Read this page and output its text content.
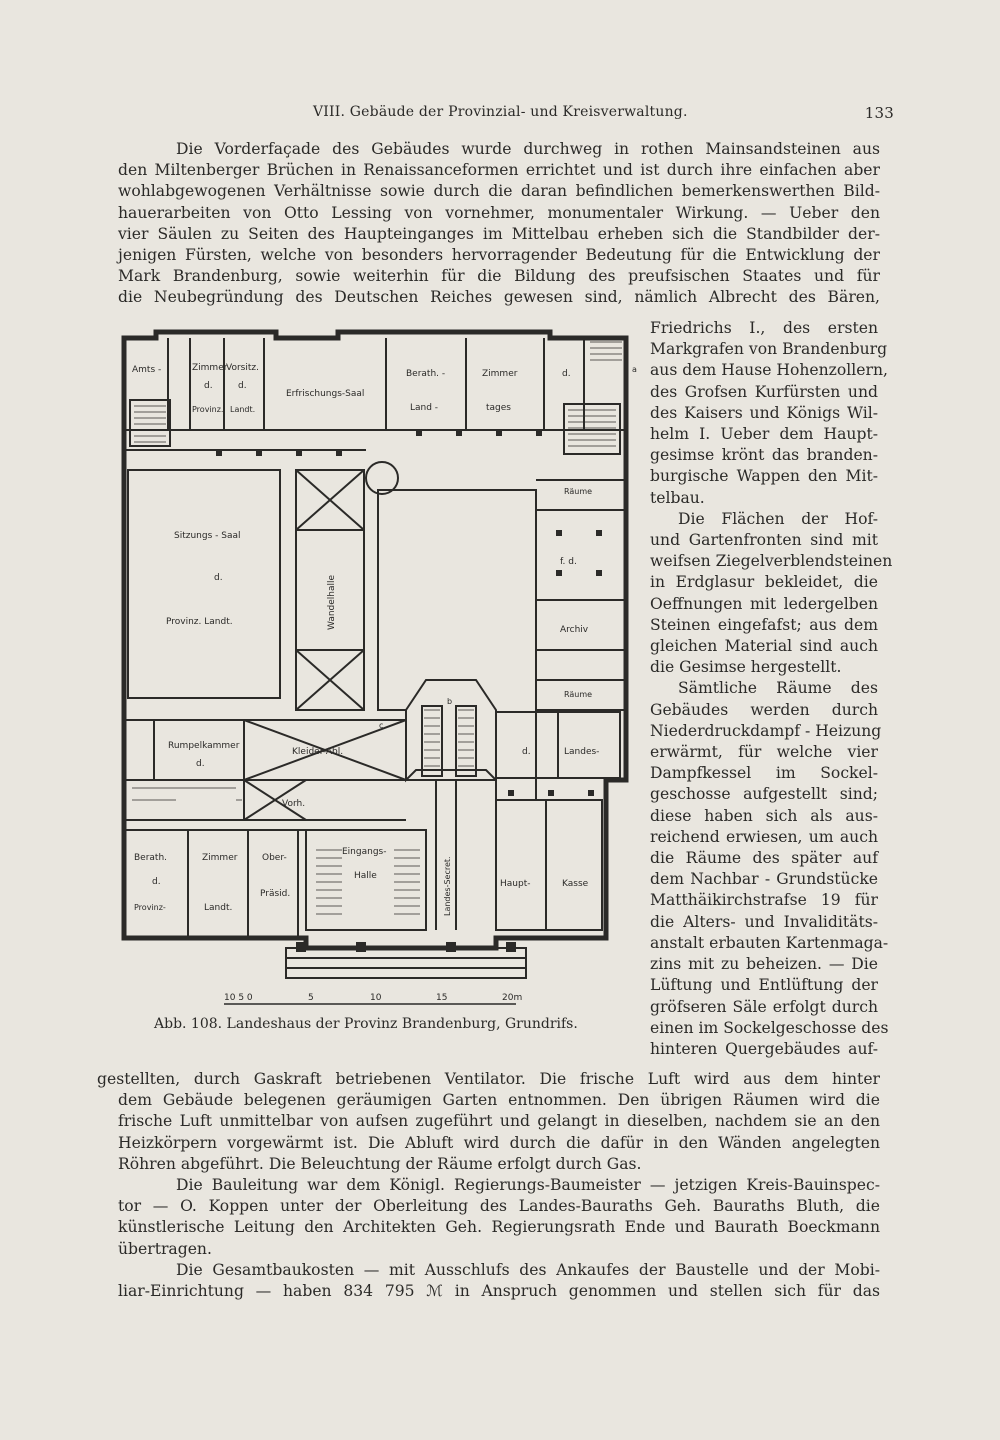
VIII. Gebäude der Provinzial- und Kreisverwaltung.	133
Die Vorderfaçade des Gebäudes wurde durchweg in rothen Mainsandsteinen aus
den Miltenberger Brüchen in Renaissanceformen errichtet und ist durch ihre einfachen aber
wohlabgewogenen Verhältnisse sowie durch die daran befindlichen bemerkenswerthen Bild-
hauerarbeiten von Otto Lessing von vornehmer, monumentaler Wirkung. — Ueber den
vier Säulen zu Seiten des Haupteinganges im Mittelbau erheben sich die Standbilder der-
jenigen Fürsten, welche von besonders hervorragender Bedeutung für die Entwicklung der
Mark Brandenburg, sowie weiterhin für die Bildung des preufsischen Staates und für
die Neubegründung des Deutschen Reiches gewesen sind, nämlich Albrecht des Bären,
Friedrichs I., des ersten
Markgrafen von Brandenburg
aus dem Hause Hohenzollern,
des Grofsen Kurfürsten und
des Kaisers und Königs Wil-
helm I. Ueber dem Haupt-
gesimse krönt das branden-
burgische Wappen den Mit-
telbau.
Die Flächen der Hof-
und Gartenfronten sind mit
weifsen Ziegelverblendsteinen
in Erdglasur bekleidet, die
Oeffnungen mit ledergelben
Steinen eingefafst; aus dem
gleichen Material sind auch
die Gesimse hergestellt.
Sämtliche Räume des
Gebäudes werden durch
Niederdruckdampf - Heizung
erwärmt, für welche vier
Dampfkessel im Sockel-
geschosse aufgestellt sind;
diese haben sich als aus-
reichend erwiesen, um auch
die Räume des später auf
dem Nachbar - Grundstücke
Matthäikirchstrafse 19 für
die Alters- und Invaliditäts-
anstalt erbauten Kartenmaga-
zins mit zu beheizen. — Die
Lüftung und Entlüftung der
gröfseren Säle erfolgt durch
einen im Sockelgeschosse des
hinteren Quergebäudes auf-
Amts -	Zimmer
d.
Provinz.
Vorsitz.
d.
Landt.
Erfrischungs-Saal
Berath. -
Land -
Zimmer
tages
d.
Räume
Sitzungs - Saal
d.
Provinz. Landt.	Wandelhalle
f. d.
Archiv
Räume
Rumpelkammer
d.
Kleider-Abl.
c
b
d.	Landes-
Vorh.
Berath.
d.
Provinz-
Zimmer
Landt.
Ober-
Präsid.
Eingangs-
Halle	Landes-Secret.	Haupt-	Kasse
a
10 5 0	5	10	15	20m
Abb. 108. Landeshaus der Provinz Brandenburg, Grundrifs.
gestellten, durch Gaskraft betriebenen Ventilator. Die frische Luft wird aus dem hinter
dem Gebäude belegenen geräumigen Garten entnommen. Den übrigen Räumen wird die
frische Luft unmittelbar von aufsen zugeführt und gelangt in dieselben, nachdem sie an den
Heizkörpern vorgewärmt ist. Die Abluft wird durch die dafür in den Wänden angelegten
Röhren abgeführt. Die Beleuchtung der Räume erfolgt durch Gas.
Die Bauleitung war dem Königl. Regierungs-Baumeister — jetzigen Kreis-Bauinspec-
tor — O. Koppen unter der Oberleitung des Landes-Bauraths Geh. Bauraths Bluth, die
künstlerische Leitung den Architekten Geh. Regierungsrath Ende und Baurath Boeckmann
übertragen.
Die Gesamtbaukosten — mit Ausschlufs des Ankaufes der Baustelle und der Mobi-
liar-Einrichtung — haben 834 795 ℳ in Anspruch genommen und stellen sich für das
